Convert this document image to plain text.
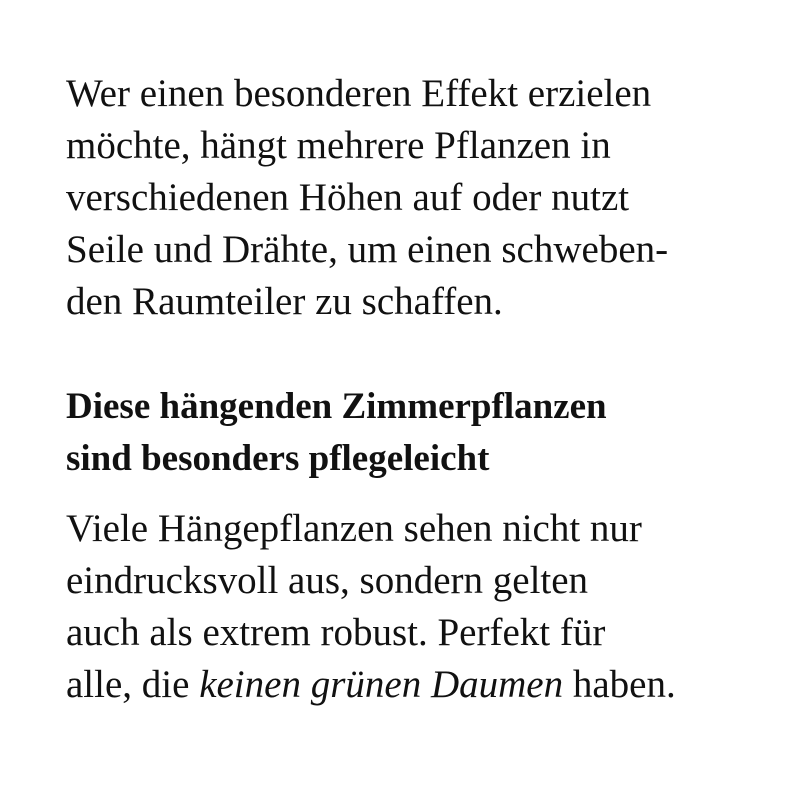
Wer einen besonderen Effekt erzielen
möchte, hängt mehrere Pflanzen in
verschiedenen Höhen auf oder nutzt
Seile und Drähte, um einen schweben-
den Raumteiler zu schaffen.

Diese hängenden Zimmerpflanzen
sind besonders pflegeleicht

Viele Hängepflanzen sehen nicht nur
eindrucksvoll aus, sondern gelten
auch als extrem robust. Perfekt für
alle, die keinen grünen Daumen haben.
